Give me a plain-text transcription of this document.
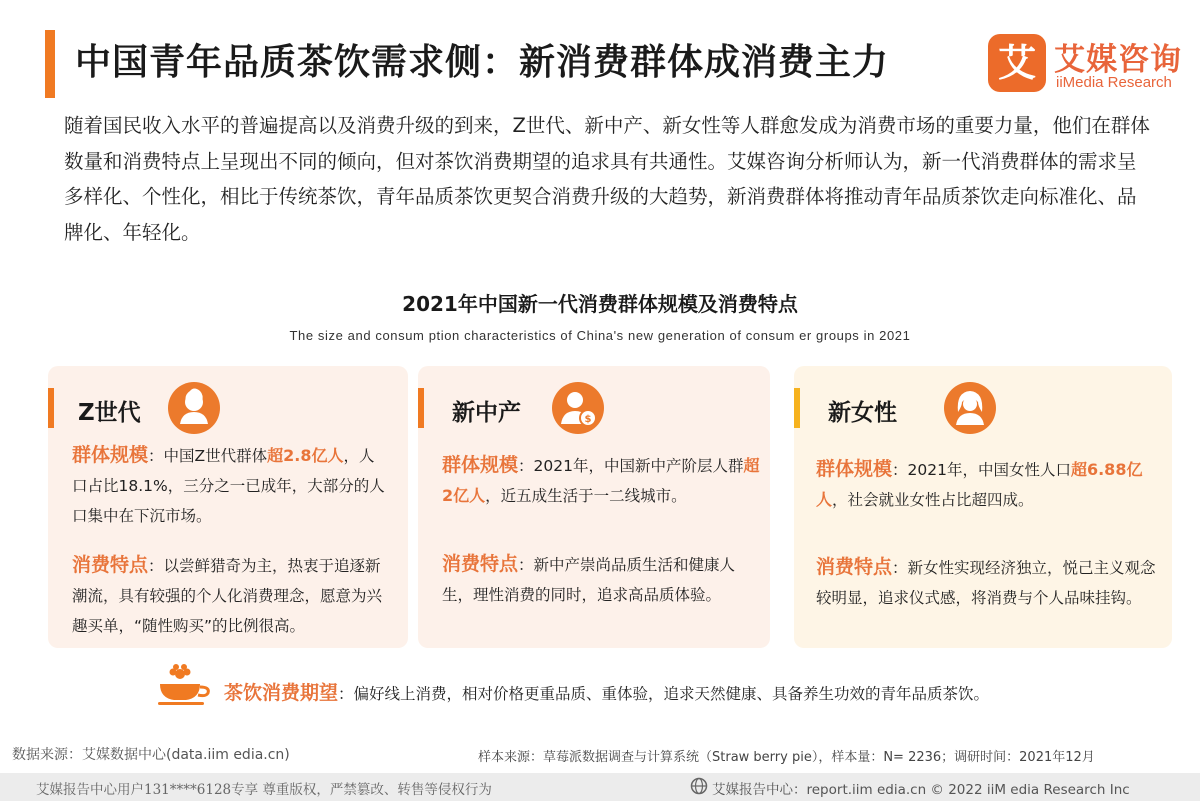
中国青年品质茶饮需求侧：新消费群体成消费主力	艾 艾媒咨询
iiMedia Research

随着国民收入水平的普遍提高以及消费升级的到来，Z世代、新中产、新女性等人群愈发成为消费市场的重要力量，他们在群体数量和消费特点上呈现出不同的倾向，但对茶饮消费期望的追求具有共通性。艾媒咨询分析师认为，新一代消费群体的需求呈多样化、个性化，相比于传统茶饮，青年品质茶饮更契合消费升级的大趋势，新消费群体将推动青年品质茶饮走向标准化、品牌化、年轻化。

2021年中国新一代消费群体规模及消费特点
The size and consum ption characteristics of China's new generation of consum er groups in 2021
Z世代
群体规模：中国Z世代群体超2.8亿人，人口占比18.1%，三分之一已成年，大部分的人口集中在下沉市场。
消费特点：以尝鲜猎奇为主，热衷于追逐新潮流，具有较强的个人化消费理念，愿意为兴趣买单，“随性购买”的比例很高。
新中产	$
群体规模：2021年，中国新中产阶层人群超2亿人，近五成生活于一二线城市。
消费特点：新中产崇尚品质生活和健康人生，理性消费的同时，追求高品质体验。
新女性
群体规模：2021年，中国女性人口超6.88亿人，社会就业女性占比超四成。
消费特点：新女性实现经济独立，悦己主义观念较明显，追求仪式感，将消费与个人品味挂钩。
茶饮消费期望：偏好线上消费，相对价格更重品质、重体验，追求天然健康、具备养生功效的青年品质茶饮。
数据来源：艾媒数据中心(data.iim edia.cn)	样本来源：草莓派数据调查与计算系统（Straw berry pie），样本量：N= 2236；调研时间：2021年12月
艾媒报告中心用户131****6128专享 尊重版权，严禁篡改、转售等侵权行为	艾媒报告中心：report.iim edia.cn © 2022 iiM edia Research Inc
